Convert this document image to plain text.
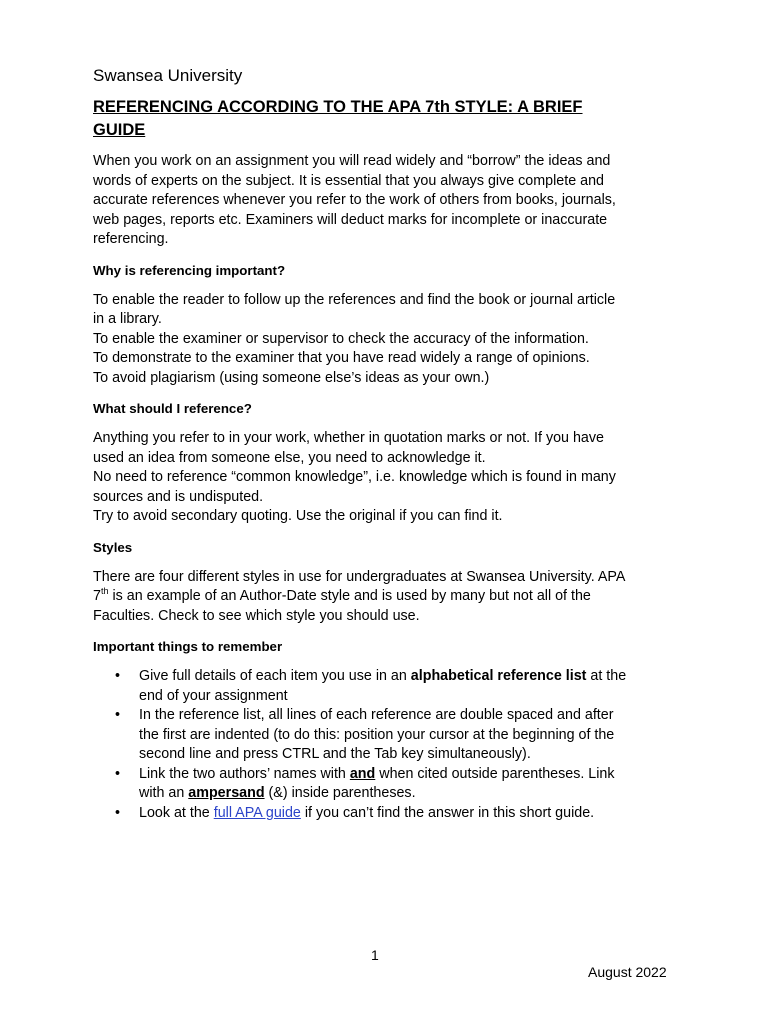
Swansea University
REFERENCING ACCORDING TO THE APA 7th STYLE: A BRIEF
GUIDE

When you work on an assignment you will read widely and “borrow” the ideas and
words of experts on the subject. It is essential that you always give complete and
accurate references whenever you refer to the work of others from books, journals,
web pages, reports etc. Examiners will deduct marks for incomplete or inaccurate
referencing.

Why is referencing important?

To enable the reader to follow up the references and find the book or journal article
in a library.
To enable the examiner or supervisor to check the accuracy of the information.
To demonstrate to the examiner that you have read widely a range of opinions.
To avoid plagiarism (using someone else’s ideas as your own.)

What should I reference?

Anything you refer to in your work, whether in quotation marks or not. If you have
used an idea from someone else, you need to acknowledge it.
No need to reference “common knowledge”, i.e. knowledge which is found in many
sources and is undisputed.
Try to avoid secondary quoting. Use the original if you can find it.

Styles

There are four different styles in use for undergraduates at Swansea University. APA
7th is an example of an Author-Date style and is used by many but not all of the
Faculties. Check to see which style you should use.

Important things to remember
• Give full details of each item you use in an alphabetical reference list at the
end of your assignment
• In the reference list, all lines of each reference are double spaced and after
the first are indented (to do this: position your cursor at the beginning of the
second line and press CTRL and the Tab key simultaneously).
• Link the two authors’ names with and when cited outside parentheses. Link
with an ampersand (&) inside parentheses.
• Look at the full APA guide if you can’t find the answer in this short guide.
1
August 2022
